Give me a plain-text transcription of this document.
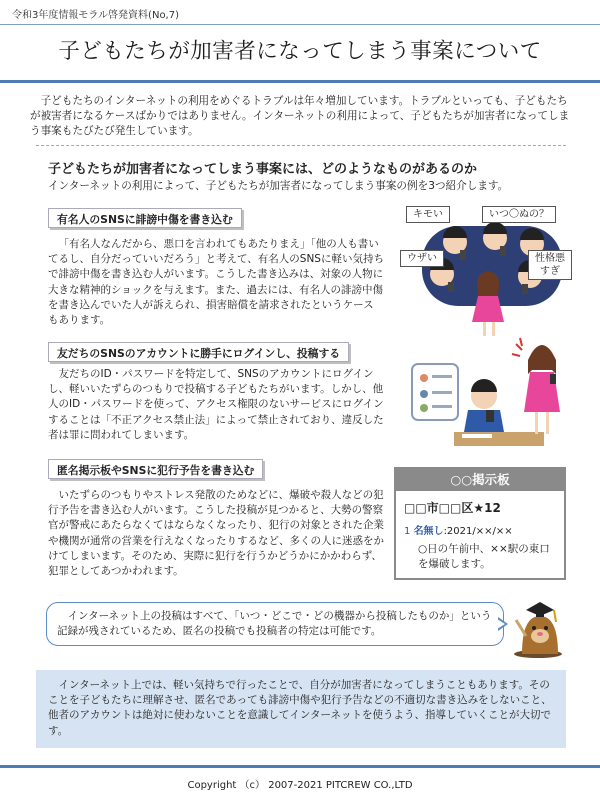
令和3年度情報モラル啓発資料(No,7)
子どもたちが加害者になってしまう事案について

子どもたちのインターネットの利用をめぐるトラブルは年々増加しています。トラブルといっても、子どもたちが被害者になるケースばかりではありません。インターネットの利用によって、子どもたちが加害者になってしまう事案もたびたび発生しています。

子どもたちが加害者になってしまう事案には、どのようなものがあるのか
インターネットの利用によって、子どもたちが加害者になってしまう事案の例を3つ紹介します。
有名人のSNSに誹謗中傷を書き込む

「有名人なんだから、悪口を言われてもあたりまえ」「他の人も書いてるし、自分だっていいだろう」と考えて、有名人のSNSに軽い気持ちで誹謗中傷を書き込む人がいます。こうした書き込みは、対象の人物に大きな精神的ショックを与えます。また、過去には、有名人の誹謗中傷を書き込んでいた人が訴えられ、損害賠償を請求されたというケースもあります。

友だちのSNSのアカウントに勝手にログインし、投稿する

友だちのID・パスワードを特定して、SNSのアカウントにログインし、軽いいたずらのつもりで投稿する子どもたちがいます。しかし、他人のID・パスワードを使って、アクセス権限のないサービスにログインすることは「不正アクセス禁止法」によって禁止されており、違反した者は罪に問われてしまいます。

匿名掲示板やSNSに犯行予告を書き込む

いたずらのつもりやストレス発散のためなどに、爆破や殺人などの犯行予告を書き込む人がいます。こうした投稿が見つかると、大勢の警察官が警戒にあたらなくてはならなくなったり、犯行の対象とされた企業や機関が通常の営業を行えなくなったりするなど、多くの人に迷惑をかけてしまいます。そのため、実際に犯行を行うかどうかにかかわらず、犯罪としてあつかわれます。

キモい	いつ〇ぬの？
ウザい	性格悪すぎ
○○掲示板
□□市□□区★12
1 名無し:2021/××/××
○日の午前中、××駅の東口を爆破します。
インターネット上の投稿はすべて、「いつ・どこで・どの機器から投稿したものか」という記録が残されているため、匿名の投稿でも投稿者の特定は可能です。
インターネット上では、軽い気持ちで行ったことで、自分が加害者になってしまうこともあります。そのことを子どもたちに理解させ、匿名であっても誹謗中傷や犯行予告などの不適切な書き込みをしないこと、他者のアカウントは絶対に使わないことを意識してインターネットを使うよう、指導していくことが大切です。
Copyright （c） 2007-2021 PITCREW CO.,LTD
